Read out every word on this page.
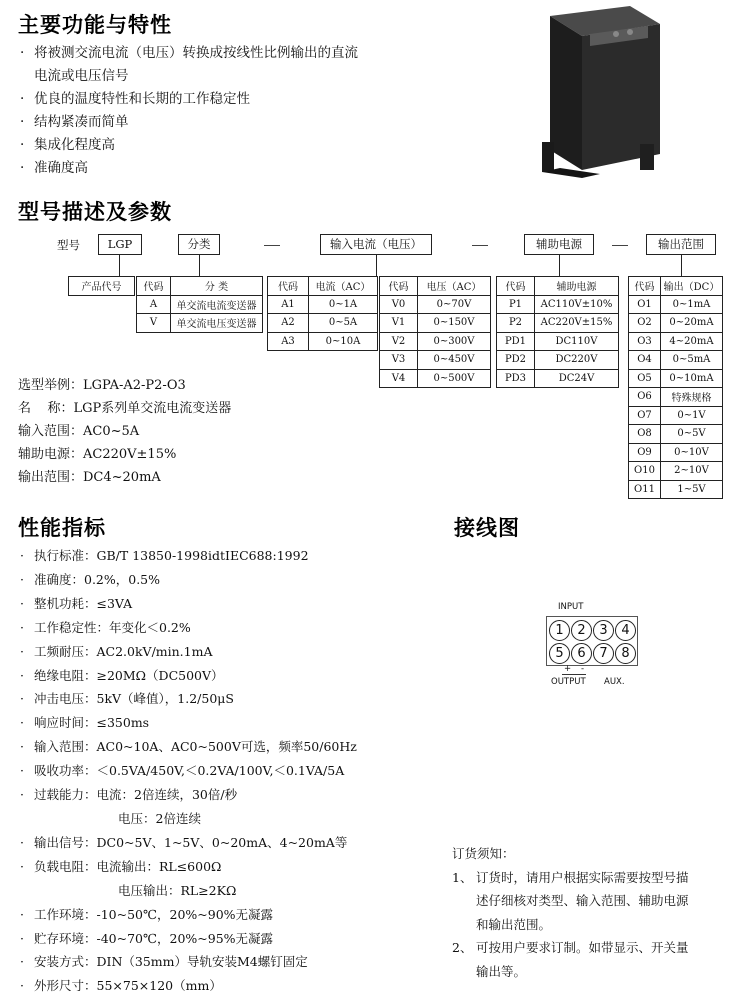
主要功能与特性
· 将被测交流电流（电压）转换成按线性比例输出的直流
电流或电压信号
· 优良的温度特性和长期的工作稳定性
· 结构紧凑而简单
· 集成化程度高
· 准确度高
型号描述及参数
型号	LGP	分类	输入电流（电压）	辅助电源	输出范围
产品代号 代码	分 类
A	单交流电流变送器
V	单交流电压变送器
代码	电流（AC）
A1	0~1A
A2	0~5A
A3	0~10A
代码	电压（AC）
V0	0~70V
V1	0~150V
V2	0~300V
V3	0~450V
V4	0~500V
代码	辅助电源
P1	AC110V±10%
P2	AC220V±15%
PD1	DC110V
PD2	DC220V
PD3	DC24V
代码	输出（DC）
O1	0~1mA
O2	0~20mA
O3	4~20mA
O4	0~5mA
O5	0~10mA
O6	特殊规格
O7	0~1V
O8	0~5V
O9	0~10V
O10	2~10V
O11	1~5V
选型举例：LGPA-A2-P2-O3
名    称：LGP系列单交流电流变送器
输入范围：AC0~5A
辅助电源：AC220V±15%
输出范围：DC4~20mA
性能指标
· 执行标准：GB/T 13850-1998idtIEC688:1992
· 准确度：0.2%，0.5%
· 整机功耗：≤3VA
· 工作稳定性：年变化＜0.2%
· 工频耐压：AC2.0kV/min.1mA
· 绝缘电阻：≥20MΩ（DC500V）
· 冲击电压：5kV（峰值），1.2/50μS
· 响应时间：≤350ms
· 输入范围：AC0~10A、AC0~500V可选，频率50/60Hz
· 吸收功率：＜0.5VA/450V,＜0.2VA/100V,＜0.1VA/5A
· 过载能力：电流：2倍连续，30倍/秒
电压：2倍连续
· 输出信号：DC0~5V、1~5V、0~20mA、4~20mA等
· 负载电阻：电流输出：RL≤600Ω
电压输出：RL≥2KΩ
· 工作环境：-10~50℃，20%~90%无凝露
· 贮存环境：-40~70℃，20%~95%无凝露
· 安装方式：DIN（35mm）导轨安装M4螺钉固定
· 外形尺寸：55×75×120（mm）
接线图
INPUT
1	2	3	4
5	6	7	8
+ -
OUTPUT AUX.
订货须知：
1、 订货时，请用户根据实际需要按型号描
述仔细核对类型、输入范围、辅助电源
和输出范围。
2、 可按用户要求订制。如带显示、开关量
输出等。
